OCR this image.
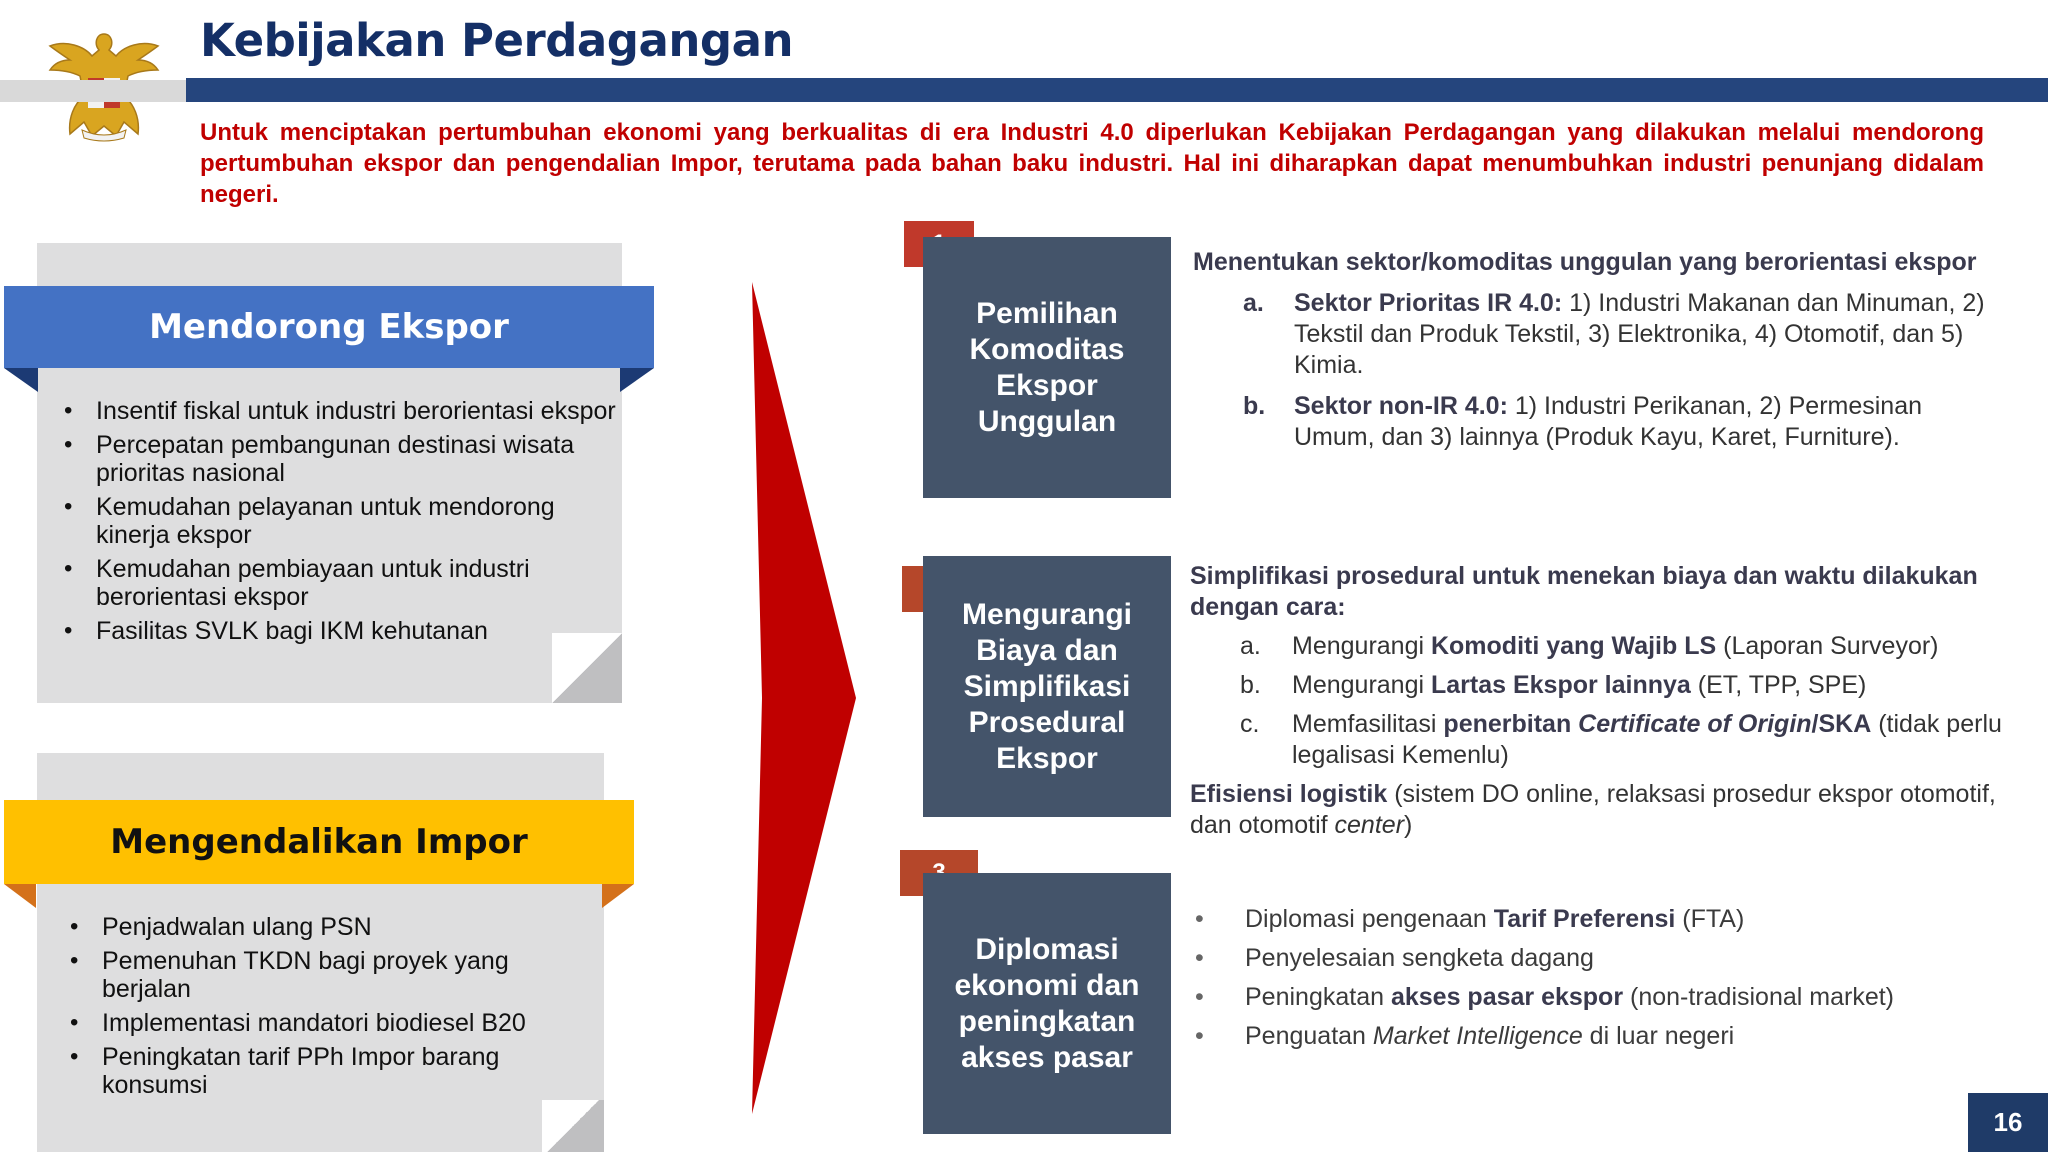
Kebijakan Perdagangan

Untuk menciptakan pertumbuhan ekonomi yang berkualitas di era Industri 4.0 diperlukan Kebijakan Perdagangan yang dilakukan melalui mendorong pertumbuhan ekspor dan pengendalian Impor, terutama pada bahan baku industri. Hal ini diharapkan dapat menumbuhkan industri penunjang didalam negeri.

Mendorong Ekspor
• Insentif fiskal untuk industri berorientasi ekspor
• Percepatan pembangunan destinasi wisata prioritas nasional
• Kemudahan pelayanan untuk mendorong kinerja ekspor
• Kemudahan pembiayaan untuk industri berorientasi ekspor
• Fasilitas SVLK bagi IKM kehutanan
Mengendalikan Impor
• Penjadwalan ulang PSN
• Pemenuhan TKDN bagi proyek yang berjalan
• Implementasi mandatori biodiesel B20
• Peningkatan tarif PPh Impor barang konsumsi
Pemilihan Komoditas Ekspor Unggulan

Menentukan sektor/komoditas unggulan yang berorientasi ekspor

a. Sektor Prioritas IR 4.0: 1) Industri Makanan dan Minuman, 2) Tekstil dan Produk Tekstil, 3) Elektronika, 4) Otomotif, dan 5) Kimia.
b. Sektor non-IR 4.0: 1) Industri Perikanan, 2) Permesinan Umum, dan 3) lainnya (Produk Kayu, Karet, Furniture).
Mengurangi Biaya dan Simplifikasi Prosedural Ekspor

Simplifikasi prosedural untuk menekan biaya dan waktu dilakukan dengan cara:

a. Mengurangi Komoditi yang Wajib LS (Laporan Surveyor)
b. Mengurangi Lartas Ekspor lainnya (ET, TPP, SPE)
c. Memfasilitasi penerbitan Certificate of Origin/SKA (tidak perlu legalisasi Kemenlu)

Efisiensi logistik (sistem DO online, relaksasi prosedur ekspor otomotif, dan otomotif center)

Diplomasi ekonomi dan peningkatan akses pasar
• Diplomasi pengenaan Tarif Preferensi (FTA)
• Penyelesaian sengketa dagang
• Peningkatan akses pasar ekspor (non-tradisional market)
• Penguatan Market Intelligence di luar negeri
16
